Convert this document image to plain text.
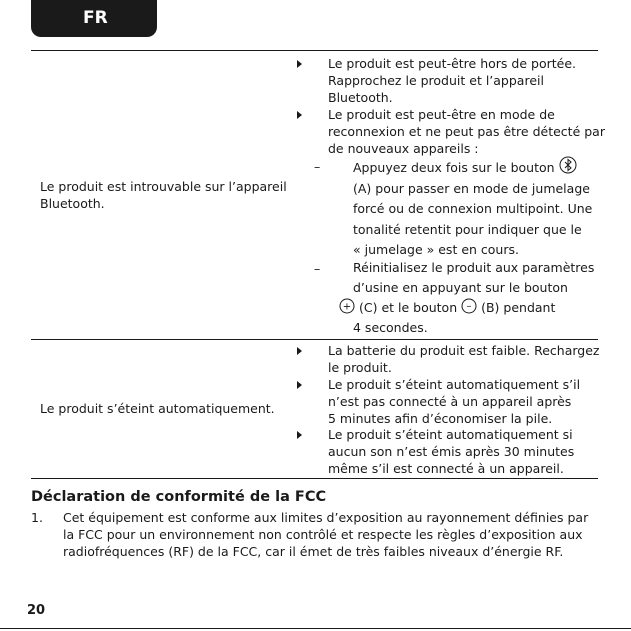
FR
Le produit est introuvable sur l’appareil
Bluetooth.
Le produit est peut-être hors de portée.
Rapprochez le produit et l’appareil
Bluetooth.
Le produit est peut-être en mode de
reconnexion et ne peut pas être détecté par
de nouveaux appareils :
–	Appuyez deux fois sur le bouton
(A) pour passer en mode de jumelage
forcé ou de connexion multipoint. Une
tonalité retentit pour indiquer que le
« jumelage » est en cours.
–	Réinitialisez le produit aux paramètres
d’usine en appuyant sur le bouton
+ (C) et le bouton – (B) pendant
4 secondes.
Le produit s’éteint automatiquement.
La batterie du produit est faible. Rechargez
le produit.
Le produit s’éteint automatiquement s’il
n’est pas connecté à un appareil après
5 minutes afin d’économiser la pile.
Le produit s’éteint automatiquement si
aucun son n’est émis après 30 minutes
même s’il est connecté à un appareil.
Déclaration de conformité de la FCC
1. Cet équipement est conforme aux limites d’exposition au rayonnement définies par
la FCC pour un environnement non contrôlé et respecte les règles d’exposition aux
radiofréquences (RF) de la FCC, car il émet de très faibles niveaux d’énergie RF.
20
